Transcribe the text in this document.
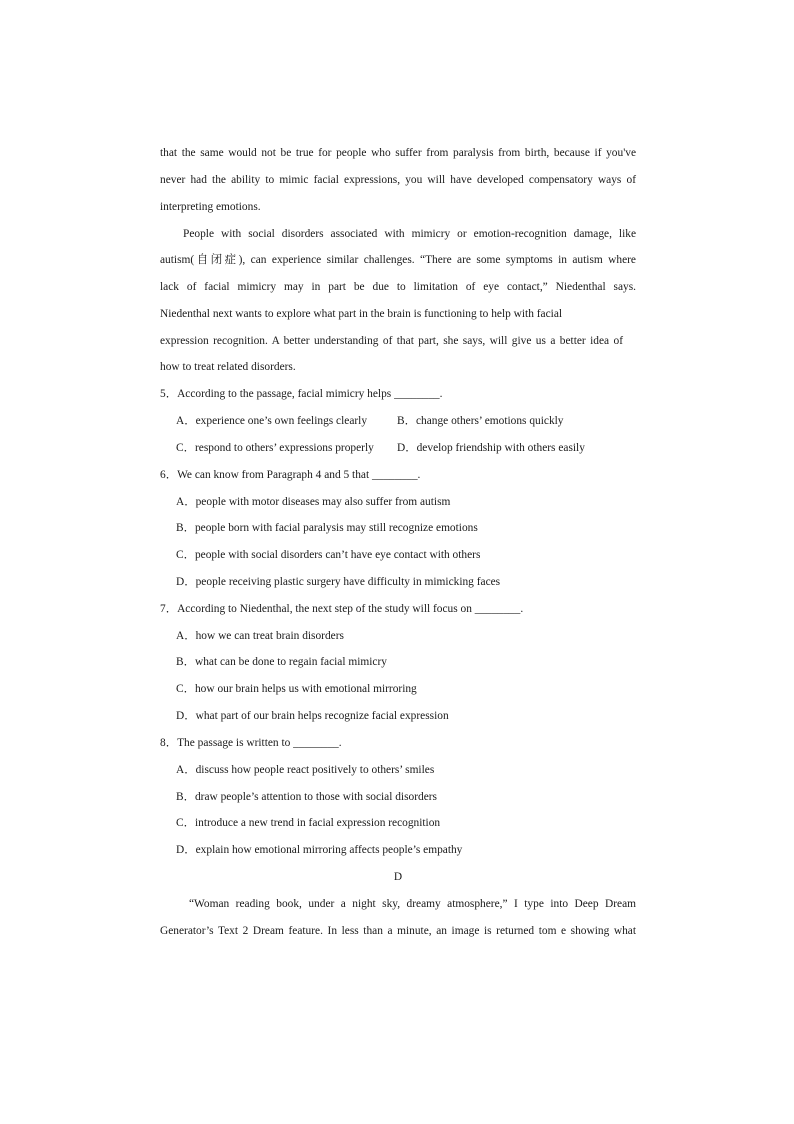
that the same would not be true for people who suffer from paralysis from birth, because if you've
never had the ability to mimic facial expressions, you will have developed compensatory ways of
interpreting emotions.
People with social disorders associated with mimicry or emotion-recognition damage, like
autism(自闭症), can experience similar challenges. “There are some symptoms in autism where
lack of facial mimicry may in part be due to limitation of eye contact,” Niedenthal says.
Niedenthal next wants to explore what part in the brain is functioning to help with facial
expression recognition. A better understanding of that part, she says, will give us a better idea of
how to treat related disorders.
5．According to the passage, facial mimicry helps ________.
A．experience one’s own feelings clearly	B．change others’ emotions quickly
C．respond to others’ expressions properly D．develop friendship with others easily
6．We can know from Paragraph 4 and 5 that ________.
A．people with motor diseases may also suffer from autism
B．people born with facial paralysis may still recognize emotions
C．people with social disorders can’t have eye contact with others
D．people receiving plastic surgery have difficulty in mimicking faces
7．According to Niedenthal, the next step of the study will focus on ________.
A．how we can treat brain disorders
B．what can be done to regain facial mimicry
C．how our brain helps us with emotional mirroring
D．what part of our brain helps recognize facial expression
8．The passage is written to ________.
A．discuss how people react positively to others’ smiles
B．draw people’s attention to those with social disorders
C．introduce a new trend in facial expression recognition
D．explain how emotional mirroring affects people’s empathy
D
“Woman reading book, under a night sky, dreamy atmosphere,” I type into Deep Dream
Generator’s Text 2 Dream feature. In less than a minute, an image is returned tom e showing what
